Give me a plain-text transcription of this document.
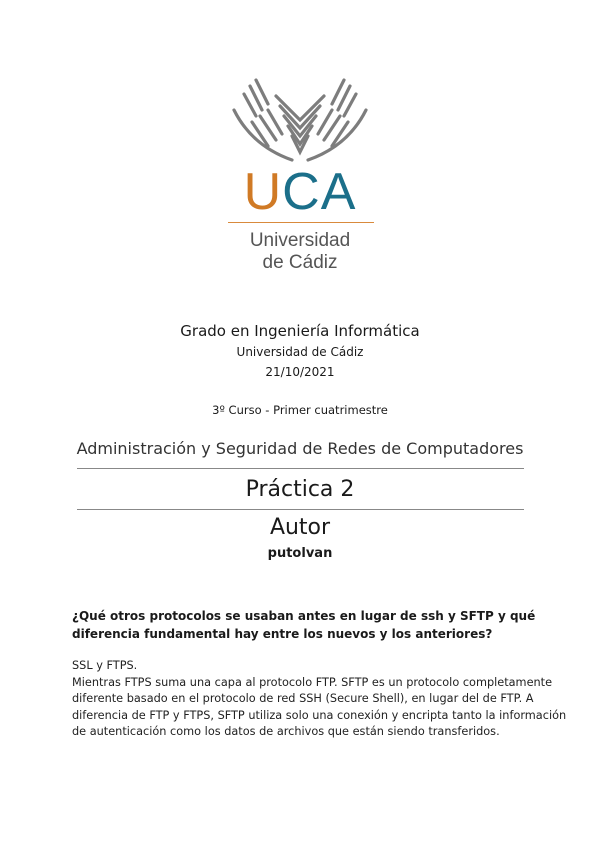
UCA
Universidad
de Cádiz
Grado en Ingeniería Informática
Universidad de Cádiz
21/10/2021
3º Curso - Primer cuatrimestre
Administración y Seguridad de Redes de Computadores
Práctica 2
Autor
putolvan
¿Qué otros protocolos se usaban antes en lugar de ssh y SFTP y qué diferencia fundamental hay entre los nuevos y los anteriores?
SSL y FTPS.
Mientras FTPS suma una capa al protocolo FTP. SFTP es un protocolo completamente diferente basado en el protocolo de red SSH (Secure Shell), en lugar del de FTP. A diferencia de FTP y FTPS, SFTP utiliza solo una conexión y encripta tanto la información de autenticación como los datos de archivos que están siendo transferidos.
